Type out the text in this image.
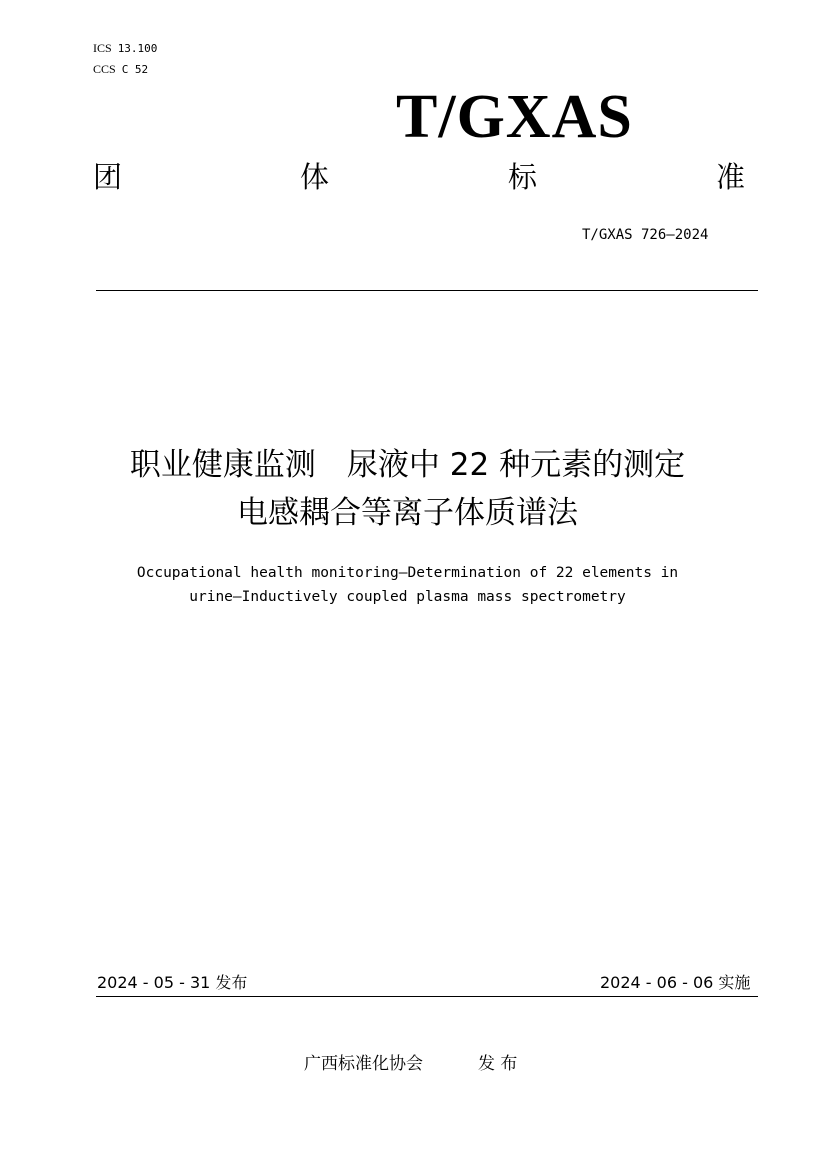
ICS 13.100
CCS C 52
T/GXAS
团	体	标	准
T/GXAS 726—2024
职业健康监测　尿液中 22 种元素的测定
电感耦合等离子体质谱法
Occupational health monitoring—Determination of 22 elements in
urine—Inductively coupled plasma mass spectrometry
2024 - 05 - 31 发布	2024 - 06 - 06 实施
广西标准化协会	发 布
